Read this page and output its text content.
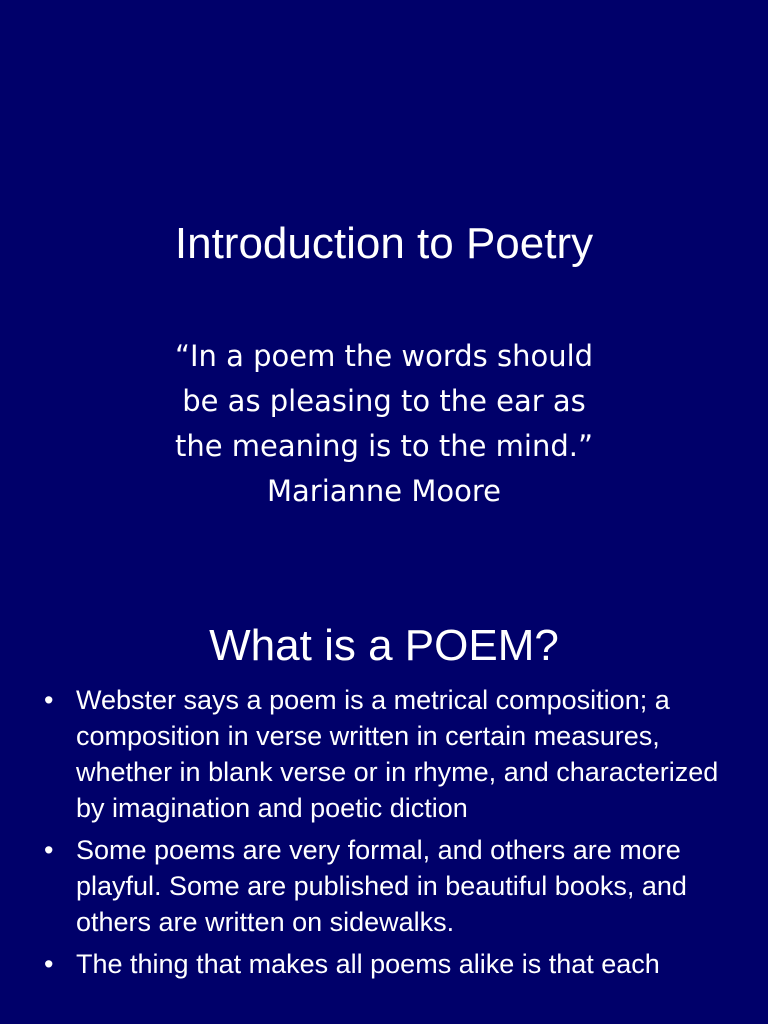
Introduction to Poetry

“In a poem the words should
be as pleasing to the ear as
the meaning is to the mind.”
Marianne Moore

What is a POEM?
• Webster says a poem is a metrical composition; a composition in verse written in certain measures, whether in blank verse or in rhyme, and characterized by imagination and poetic diction
• Some poems are very formal, and others are more playful. Some are published in beautiful books, and others are written on sidewalks.
• The thing that makes all poems alike is that each
